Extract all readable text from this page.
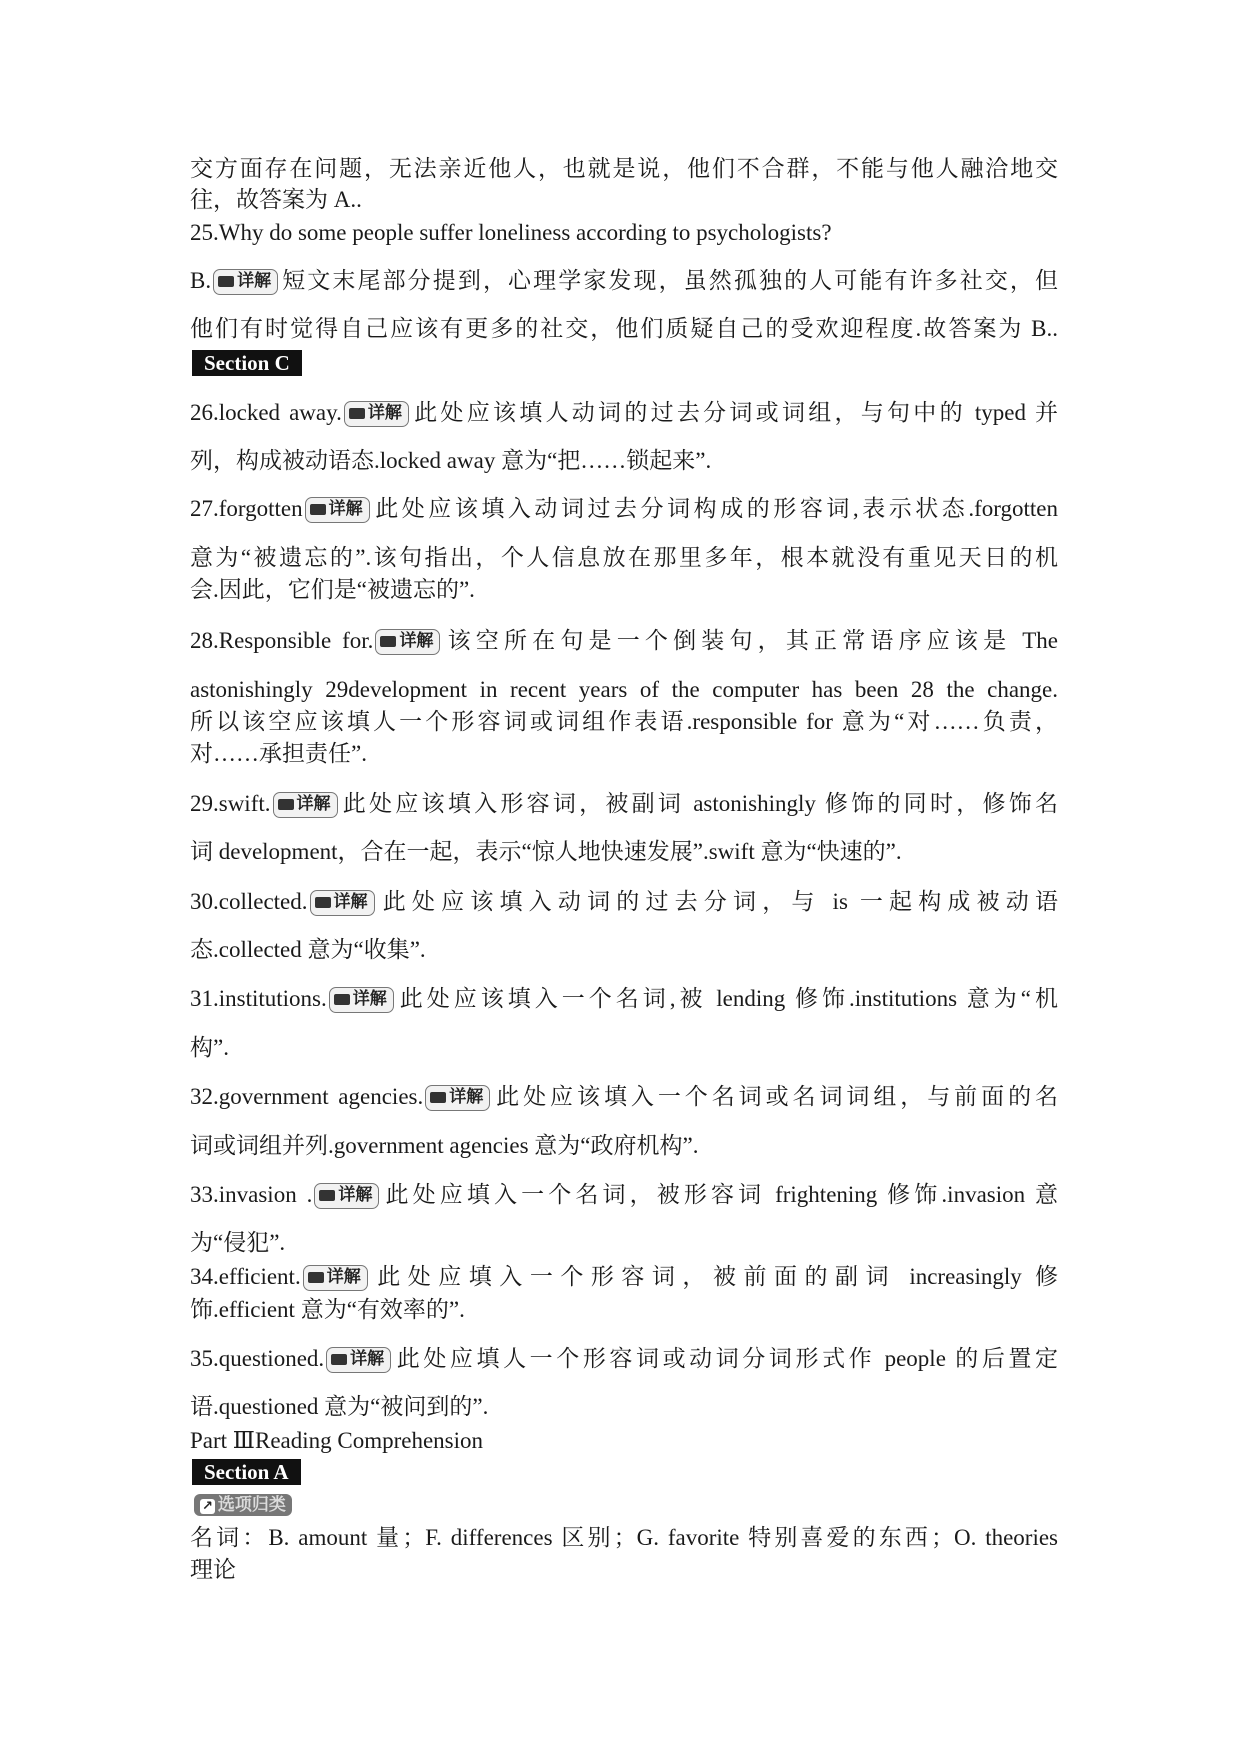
交方面存在问题，无法亲近他人，也就是说，他们不合群，不能与他人融洽地交
往，故答案为 A..
25.Why do some people suffer loneliness according to psychologists?
B. 详解 短文末尾部分提到，心理学家发现，虽然孤独的人可能有许多社交，但
他们有时觉得自己应该有更多的社交，他们质疑自己的受欢迎程度.故答案为 B..
Section C
26.locked away. 详解 此处应该填人动词的过去分词或词组，与句中的 typed 并
列，构成被动语态.locked away 意为“把……锁起来”.
27.forgotten 详解 此处应该填入动词过去分词构成的形容词,表示状态.forgotten
意为“被遗忘的”.该句指出，个人信息放在那里多年，根本就没有重见天日的机
会.因此，它们是“被遗忘的”.
28.Responsible for. 详解 该空所在句是一个倒装句，其正常语序应该是 The
astonishingly 29development in recent years of the computer has been 28 the change.
所以该空应该填人一个形容词或词组作表语.responsible for 意为“对……负责，
对……承担责任”.
29.swift. 详解 此处应该填入形容词，被副词 astonishingly 修饰的同时，修饰名
词 development，合在一起，表示“惊人地快速发展”.swift 意为“快速的”.
30.collected. 详解 此处应该填入动词的过去分词，与 is 一起构成被动语
态.collected 意为“收集”.
31.institutions. 详解 此处应该填入一个名词,被 lending 修饰.institutions 意为“机
构”.
32.government agencies. 详解 此处应该填入一个名词或名词词组，与前面的名
词或词组并列.government agencies 意为“政府机构”.
33.invasion . 详解 此处应填入一个名词，被形容词 frightening 修饰.invasion 意
为“侵犯”.
34.efficient. 详解 此处应填入一个形容词，被前面的副词 increasingly 修
饰.efficient 意为“有效率的”.
35.questioned. 详解 此处应填人一个形容词或动词分词形式作 people 的后置定
语.questioned 意为“被问到的”.
Part ⅢReading Comprehension
Section A
↗ 选项归类
名词：B. amount 量；F. differences 区别；G. favorite 特别喜爱的东西；O. theories
理论
